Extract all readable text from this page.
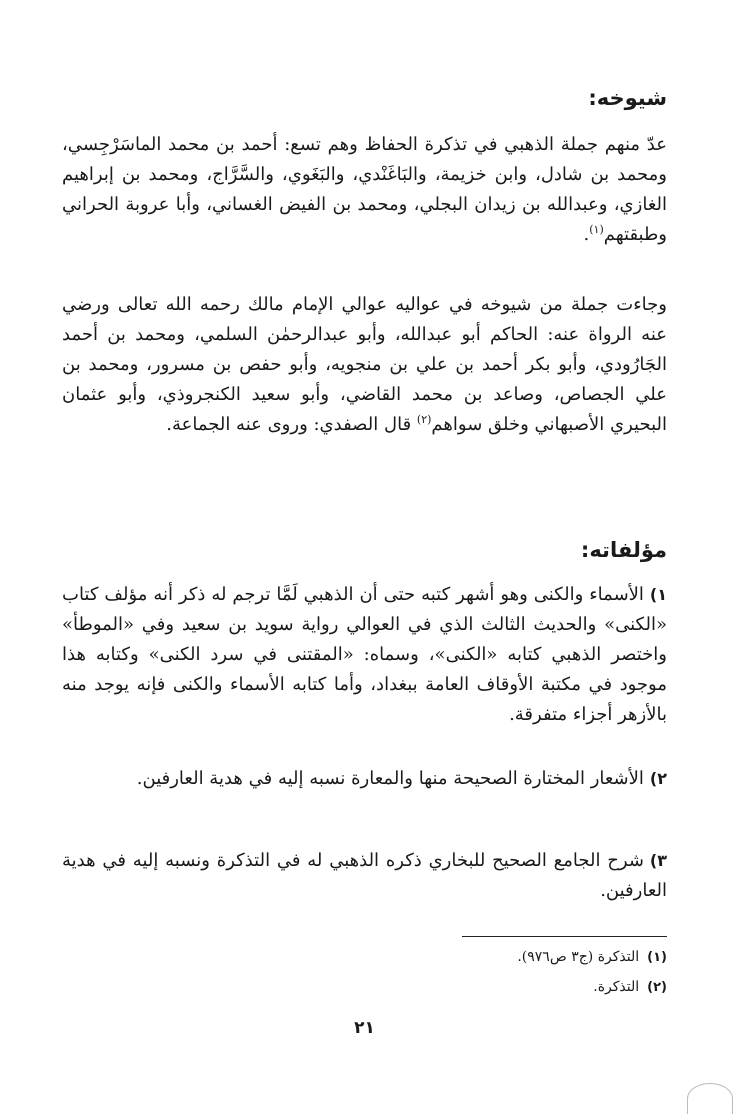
شيوخه:

عدّ منهم جملة الذهبي في تذكرة الحفاظ وهم تسع: أحمد بن محمد الماسَرْجِسي، ومحمد بن شادل، وابن خزيمة، والبَاغَنْدي، والبَغَوي، والسَّرَّاج، ومحمد بن إبراهيم الغازي، وعبدالله بن زيدان البجلي، ومحمد بن الفيض الغساني، وأبا عروبة الحراني وطبقتهم$^{(١)}$.

وجاءت جملة من شيوخه في عواليه عوالي الإمام مالك رحمه الله تعالى ورضي عنه الرواة عنه: الحاكم أبو عبدالله، وأبو عبدالرحمٰن السلمي، ومحمد بن أحمد الجَارُودي، وأبو بكر أحمد بن علي بن منجويه، وأبو حفص بن مسرور، ومحمد بن علي الجصاص، وصاعد بن محمد القاضي، وأبو سعيد الكنجروذي، وأبو عثمان البحيري الأصبهاني وخلق سواهم$^{(٢)}$ قال الصفدي: وروى عنه الجماعة.

مؤلفاته:

١)الأسماء والكنى وهو أشهر كتبه حتى أن الذهبي لَمَّا ترجم له ذكر أنه مؤلف كتاب «الكنى» والحديث الثالث الذي في العوالي رواية سويد بن سعيد وفي «الموطأ» واختصر الذهبي كتابه «الكنى»، وسماه: «المقتنى في سرد الكنى» وكتابه هذا موجود في مكتبة الأوقاف العامة ببغداد، وأما كتابه الأسماء والكنى فإنه يوجد منه بالأزهر أجزاء متفرقة.

٢)الأشعار المختارة الصحيحة منها والمعارة نسبه إليه في هدية العارفين.

٣)شرح الجامع الصحيح للبخاري ذكره الذهبي له في التذكرة ونسبه إليه في هدية العارفين.

(١)التذكرة (ج٣ ص٩٧٦).

(٢)التذكرة.

٢١
